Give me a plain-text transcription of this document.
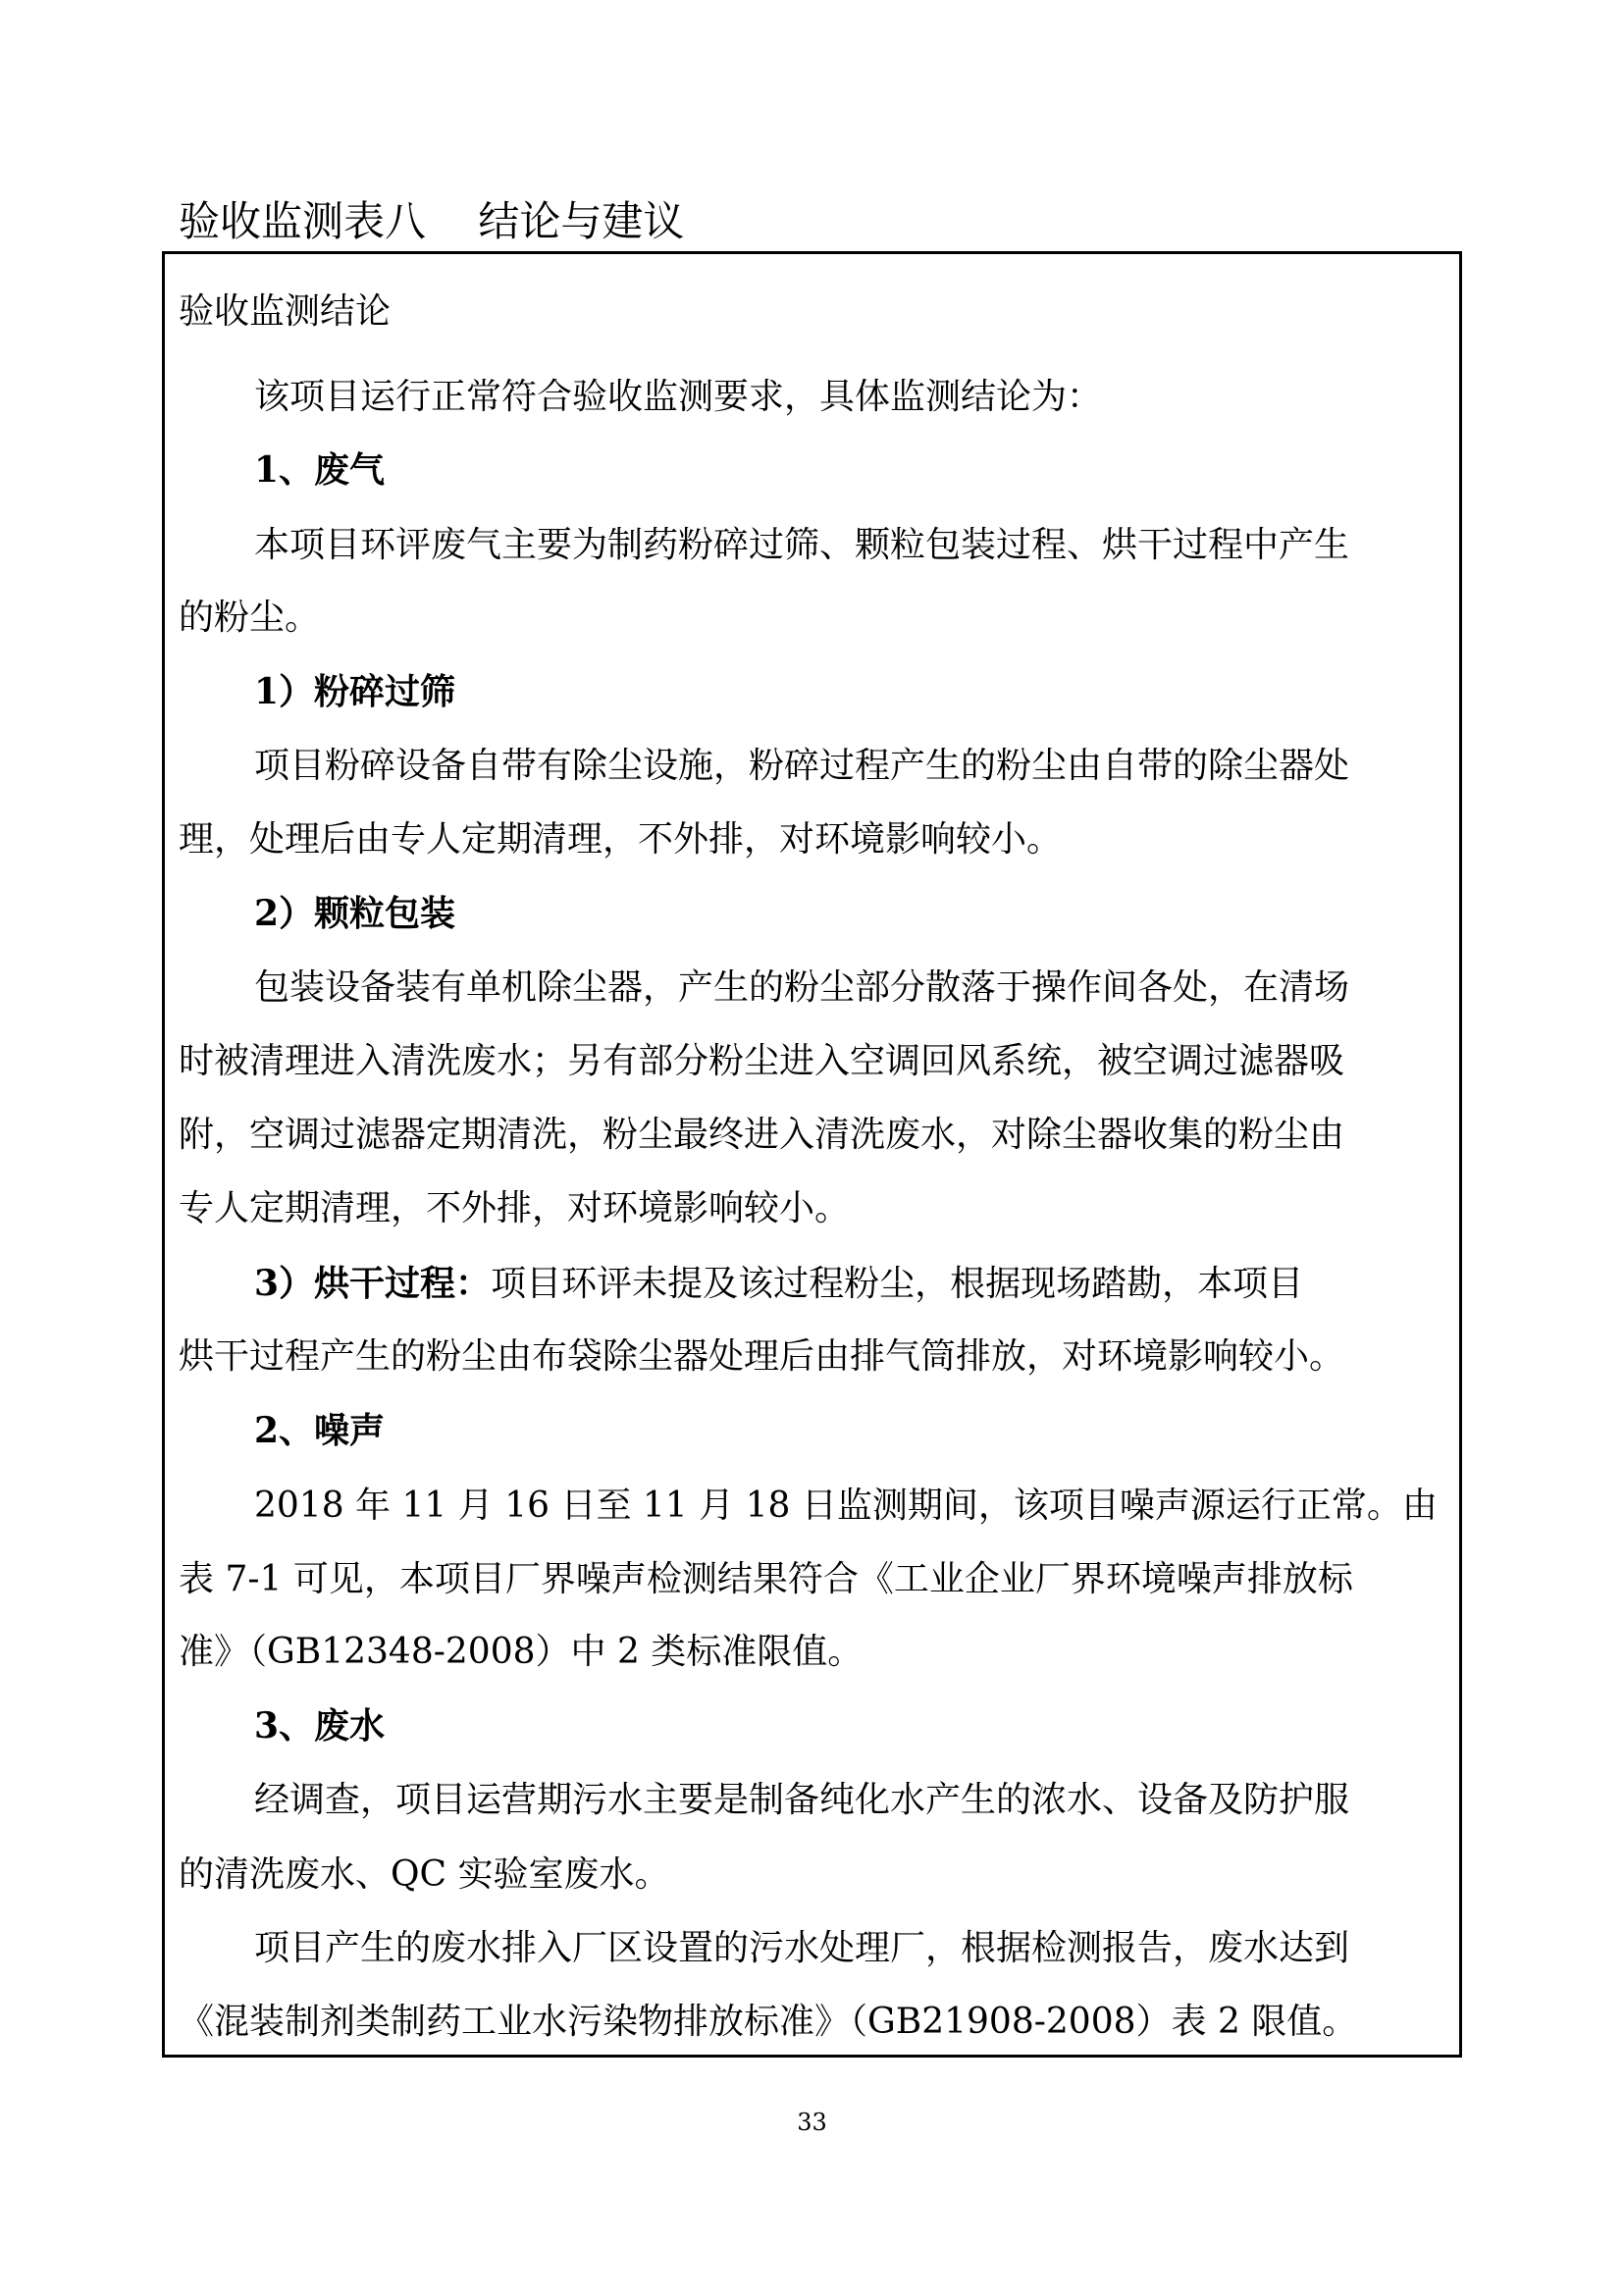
验收监测表八    结论与建议

验收监测结论

该项目运行正常符合验收监测要求，具体监测结论为：

1、废气

本项目环评废气主要为制药粉碎过筛、颗粒包装过程、烘干过程中产生

的粉尘。

1）粉碎过筛

项目粉碎设备自带有除尘设施，粉碎过程产生的粉尘由自带的除尘器处

理，处理后由专人定期清理，不外排，对环境影响较小。

2）颗粒包装

包装设备装有单机除尘器，产生的粉尘部分散落于操作间各处，在清场

时被清理进入清洗废水；另有部分粉尘进入空调回风系统，被空调过滤器吸

附，空调过滤器定期清洗，粉尘最终进入清洗废水，对除尘器收集的粉尘由

专人定期清理，不外排，对环境影响较小。

3）烘干过程：项目环评未提及该过程粉尘，根据现场踏勘，本项目

烘干过程产生的粉尘由布袋除尘器处理后由排气筒排放，对环境影响较小。

2、噪声

2018 年 11 月 16 日至 11 月 18 日监测期间，该项目噪声源运行正常。由

表 7-1 可见，本项目厂界噪声检测结果符合《工业企业厂界环境噪声排放标

准》（GB12348-2008）中 2 类标准限值。

3、废水

经调查，项目运营期污水主要是制备纯化水产生的浓水、设备及防护服

的清洗废水、QC 实验室废水。

项目产生的废水排入厂区设置的污水处理厂，根据检测报告，废水达到

《混装制剂类制药工业水污染物排放标准》（GB21908-2008）表 2 限值。

33
